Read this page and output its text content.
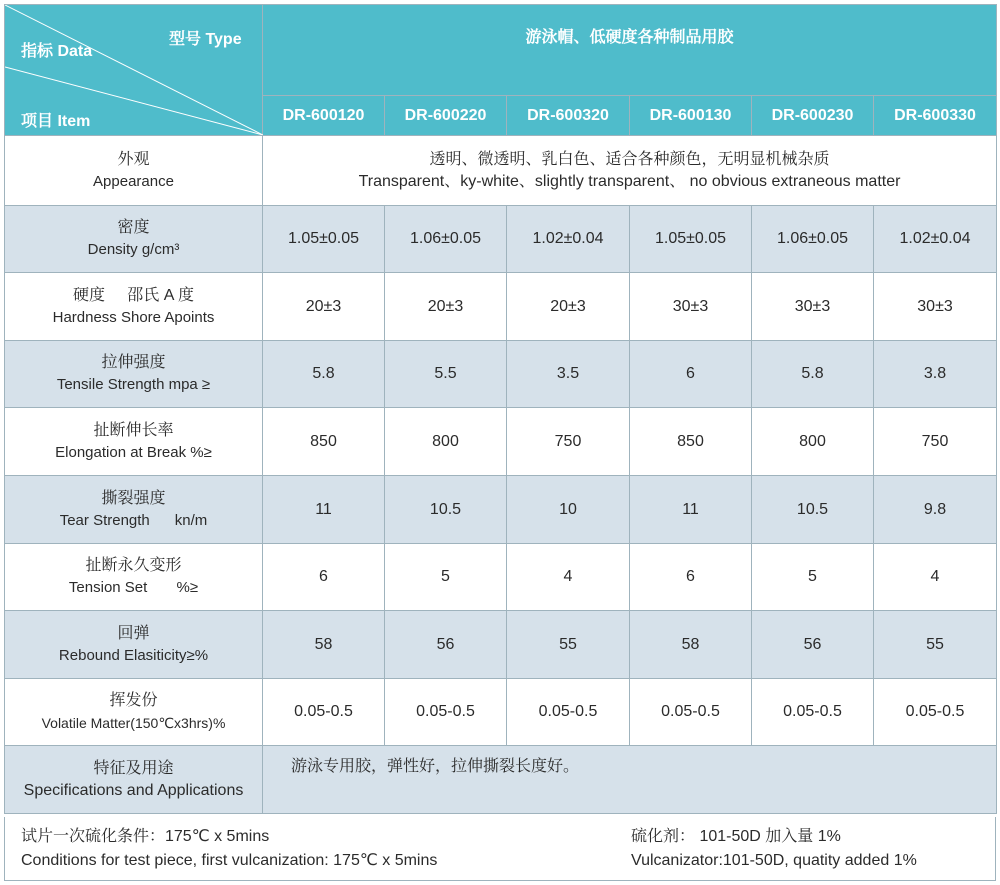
型号 Type
指标 Data
项目 Item	游泳帽、低硬度各种制品用胶					
	DR-600120	DR-600220	DR-600320	DR-600130	DR-600230	DR-600330

外观
Appearance	透明、微透明、乳白色、适合各种颜色，无明显机械杂质
Transparent、ky-white、slightly transparent、 no obvious extraneous matter					

密度
Density g/cm³	1.05±0.05	1.06±0.05	1.02±0.04	1.05±0.05	1.06±0.05	1.02±0.04

硬度     邵氏 A 度
Hardness Shore Apoints	20±3	20±3	20±3	30±3	30±3	30±3

拉伸强度
Tensile Strength mpa ≥	5.8	5.5	3.5	6	5.8	3.8

扯断伸长率
Elongation at Break %≥	850	800	750	850	800	750

撕裂强度
Tear Strength      kn/m	11	10.5	10	11	10.5	9.8

扯断永久变形
Tension Set       %≥	6	5	4	6	5	4

回弹
Rebound Elasiticity≥%	58	56	55	58	56	55

挥发份
Volatile Matter(150℃x3hrs)%	0.05-0.5	0.05-0.5	0.05-0.5	0.05-0.5	0.05-0.5	0.05-0.5

特征及用途
Specifications and Applications	游泳专用胶，弹性好，拉伸撕裂长度好。					
试片一次硫化条件：175℃ x 5mins
Conditions for test piece, first vulcanization: 175℃ x 5mins
硫化剂： 101-50D 加入量 1%
Vulcanizator:101-50D, quatity added 1%
